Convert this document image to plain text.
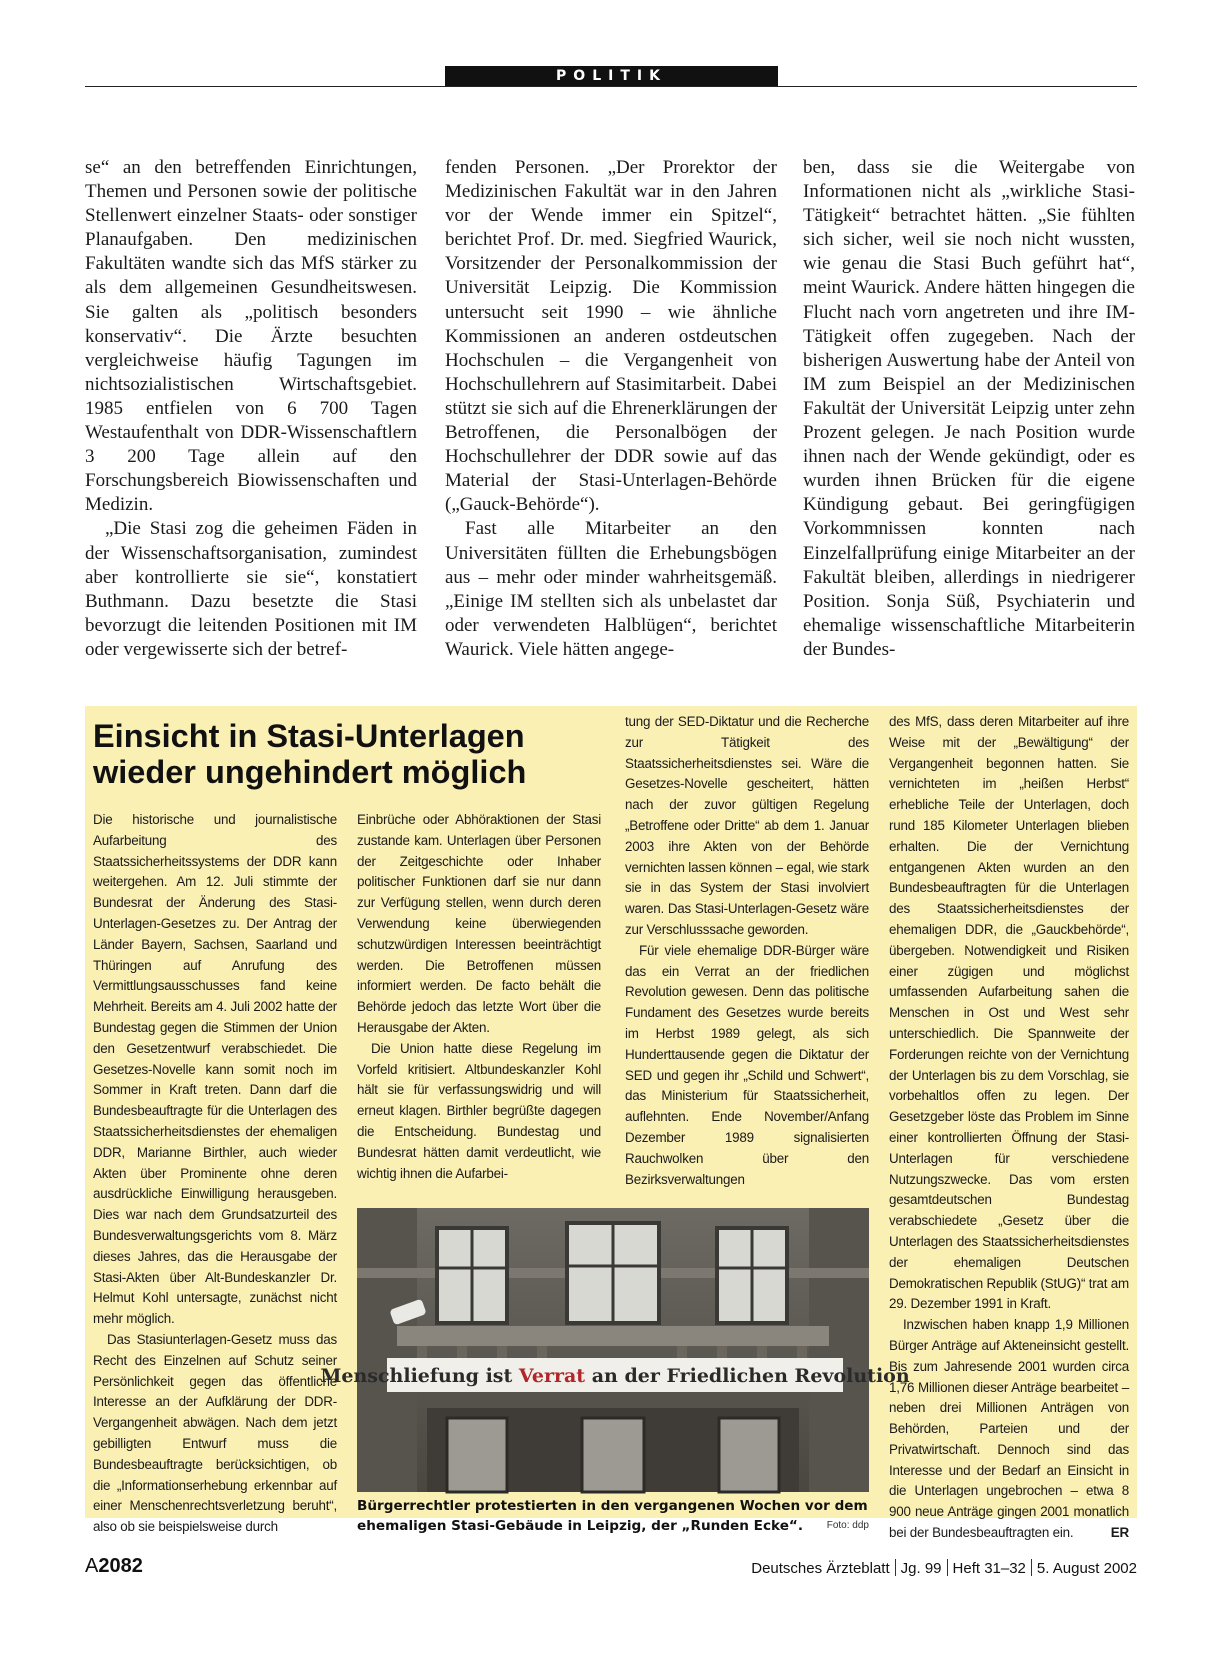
POLITIK

se“ an den betreffenden Einrichtungen, Themen und Personen sowie der politische Stellenwert einzelner Staats- oder sonstiger Planaufgaben. Den medizinischen Fakultäten wandte sich das MfS stärker zu als dem allgemeinen Gesundheitswesen. Sie galten als „politisch besonders konservativ“. Die Ärzte besuchten vergleichweise häufig Tagungen im nichtsozialistischen Wirtschaftsgebiet. 1985 entfielen von 6 700 Tagen Westaufenthalt von DDR-Wissenschaftlern 3 200 Tage allein auf den Forschungsbereich Biowissenschaften und Medizin.

„Die Stasi zog die geheimen Fäden in der Wissenschaftsorganisation, zumindest aber kontrollierte sie sie“, konstatiert Buthmann. Dazu besetzte die Stasi bevorzugt die leitenden Positionen mit IM oder vergewisserte sich der betref-

fenden Personen. „Der Prorektor der Medizinischen Fakultät war in den Jahren vor der Wende immer ein Spitzel“, berichtet Prof. Dr. med. Siegfried Waurick, Vorsitzender der Personalkommission der Universität Leipzig. Die Kommission untersucht seit 1990 – wie ähnliche Kommissionen an anderen ostdeutschen Hochschulen – die Vergangenheit von Hochschullehrern auf Stasimitarbeit. Dabei stützt sie sich auf die Ehrenerklärungen der Betroffenen, die Personalbögen der Hochschullehrer der DDR sowie auf das Material der Stasi-Unterlagen-Behörde („Gauck-Behörde“).

Fast alle Mitarbeiter an den Universitäten füllten die Erhebungsbögen aus – mehr oder minder wahrheitsgemäß. „Einige IM stellten sich als unbelastet dar oder verwendeten Halblügen“, berichtet Waurick. Viele hätten angege-

ben, dass sie die Weitergabe von Informationen nicht als „wirkliche Stasi-Tätigkeit“ betrachtet hätten. „Sie fühlten sich sicher, weil sie noch nicht wussten, wie genau die Stasi Buch geführt hat“, meint Waurick. Andere hätten hingegen die Flucht nach vorn angetreten und ihre IM-Tätigkeit offen zugegeben. Nach der bisherigen Auswertung habe der Anteil von IM zum Beispiel an der Medizinischen Fakultät der Universität Leipzig unter zehn Prozent gelegen. Je nach Position wurde ihnen nach der Wende gekündigt, oder es wurden ihnen Brücken für die eigene Kündigung gebaut. Bei geringfügigen Vorkommnissen konnten nach Einzelfallprüfung einige Mitarbeiter an der Fakultät bleiben, allerdings in niedrigerer Position. Sonja Süß, Psychiaterin und ehemalige wissenschaftliche Mitarbeiterin der Bundes-

Einsicht in Stasi-Unterlagen wieder ungehindert möglich

Die historische und journalistische Aufarbeitung des Staatssicherheitssystems der DDR kann weitergehen. Am 12. Juli stimmte der Bundesrat der Änderung des Stasi-Unterlagen-Gesetzes zu. Der Antrag der Länder Bayern, Sachsen, Saarland und Thüringen auf Anrufung des Vermittlungsausschusses fand keine Mehrheit. Bereits am 4. Juli 2002 hatte der Bundestag gegen die Stimmen der Union den Gesetzentwurf verabschiedet. Die Gesetzes-Novelle kann somit noch im Sommer in Kraft treten. Dann darf die Bundesbeauftragte für die Unterlagen des Staatssicherheitsdienstes der ehemaligen DDR, Marianne Birthler, auch wieder Akten über Prominente ohne deren ausdrückliche Einwilligung herausgeben. Dies war nach dem Grundsatzurteil des Bundesverwaltungsgerichts vom 8. März dieses Jahres, das die Herausgabe der Stasi-Akten über Alt-Bundeskanzler Dr. Helmut Kohl untersagte, zunächst nicht mehr möglich.

Das Stasiunterlagen-Gesetz muss das Recht des Einzelnen auf Schutz seiner Persönlichkeit gegen das öffentliche Interesse an der Aufklärung der DDR-Vergangenheit abwägen. Nach dem jetzt gebilligten Entwurf muss die Bundesbeauftragte berücksichtigen, ob die „Informationserhebung erkennbar auf einer Menschenrechtsverletzung beruht“, also ob sie beispielsweise durch

Einbrüche oder Abhöraktionen der Stasi zustande kam. Unterlagen über Personen der Zeitgeschichte oder Inhaber politischer Funktionen darf sie nur dann zur Verfügung stellen, wenn durch deren Verwendung keine überwiegenden schutzwürdigen Interessen beeinträchtigt werden. Die Betroffenen müssen informiert werden. De facto behält die Behörde jedoch das letzte Wort über die Herausgabe der Akten.

Die Union hatte diese Regelung im Vorfeld kritisiert. Altbundeskanzler Kohl hält sie für verfassungswidrig und will erneut klagen. Birthler begrüßte dagegen die Entscheidung. Bundestag und Bundesrat hätten damit verdeutlicht, wie wichtig ihnen die Aufarbei-

tung der SED-Diktatur und die Recherche zur Tätigkeit des Staatssicherheitsdienstes sei. Wäre die Gesetzes-Novelle gescheitert, hätten nach der zuvor gültigen Regelung „Betroffene oder Dritte“ ab dem 1. Januar 2003 ihre Akten von der Behörde vernichten lassen können – egal, wie stark sie in das System der Stasi involviert waren. Das Stasi-Unterlagen-Gesetz wäre zur Verschlusssache geworden.

Für viele ehemalige DDR-Bürger wäre das ein Verrat an der friedlichen Revolution gewesen. Denn das politische Fundament des Gesetzes wurde bereits im Herbst 1989 gelegt, als sich Hunderttausende gegen die Diktatur der SED und gegen ihr „Schild und Schwert“, das Ministerium für Staatssicherheit, auflehnten. Ende November/Anfang Dezember 1989 signalisierten Rauchwolken über den Bezirksverwaltungen

des MfS, dass deren Mitarbeiter auf ihre Weise mit der „Bewältigung“ der Vergangenheit begonnen hatten. Sie vernichteten im „heißen Herbst“ erhebliche Teile der Unterlagen, doch rund 185 Kilometer Unterlagen blieben erhalten. Die der Vernichtung entgangenen Akten wurden an den Bundesbeauftragten für die Unterlagen des Staatssicherheitsdienstes der ehemaligen DDR, die „Gauckbehörde“, übergeben. Notwendigkeit und Risiken einer zügigen und möglichst umfassenden Aufarbeitung sahen die Menschen in Ost und West sehr unterschiedlich. Die Spannweite der Forderungen reichte von der Vernichtung der Unterlagen bis zu dem Vorschlag, sie vorbehaltlos offen zu legen. Der Gesetzgeber löste das Problem im Sinne einer kontrollierten Öffnung der Stasi-Unterlagen für verschiedene Nutzungszwecke. Das vom ersten gesamtdeutschen Bundestag verabschiedete „Gesetz über die Unterlagen des Staatssicherheitsdienstes der ehemaligen Deutschen Demokratischen Republik (StUG)“ trat am 29. Dezember 1991 in Kraft.

Inzwischen haben knapp 1,9 Millionen Bürger Anträge auf Akteneinsicht gestellt. Bis zum Jahresende 2001 wurden circa 1,76 Millionen dieser Anträge bearbeitet – neben drei Millionen Anträgen von Behörden, Parteien und der Privatwirtschaft. Dennoch sind das Interesse und der Bedarf an Einsicht in die Unterlagen ungebrochen – etwa 8 900 neue Anträge gingen 2001 monatlich bei der Bundesbeauftragten ein.	ER

Menschliefung ist Verrat an der Friedlichen Revolution
Bürgerrechtler protestierten in den vergangenen Wochen vor dem ehemaligen Stasi-Gebäude in Leipzig, der „Runden Ecke“. Foto: ddp
A2082	Deutsches Ärzteblatt Jg. 99 Heft 31–32 5. August 2002
